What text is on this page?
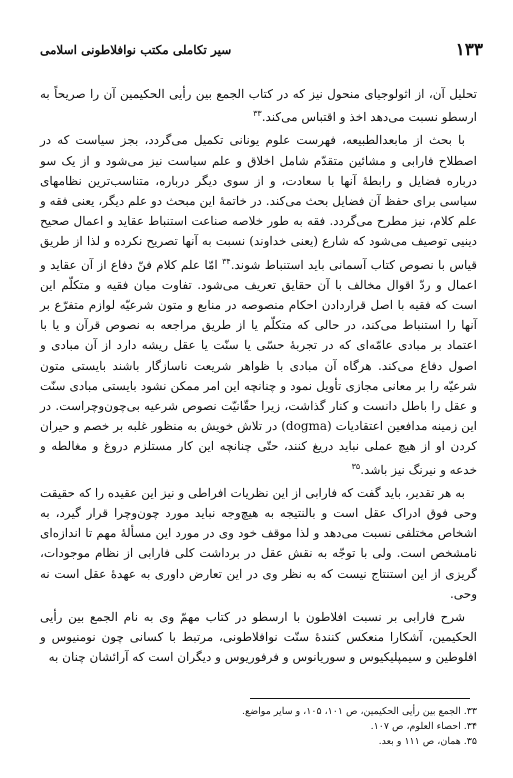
۱۳۳
سیر تکاملی مکتب نوافلاطونی اسلامی

تحلیل آن، از اثولوجیای منحول نیز که در کتاب الجمع بین رأیی الحکیمین آن را صریحاً به ارسطو نسبت می‌دهد اخذ و اقتباس می‌کند.$^{۳۳}$

با بحث از مابعدالطبیعه، فهرست علوم یونانی تکمیل می‌گردد، بجز سیاست که در اصطلاح فارابی و مشائین متقدّم شامل اخلاق و علم سیاست نیز می‌شود و از یک سو درباره فضایل و رابطهٔ آنها با سعادت، و از سوی دیگر درباره، متناسب‌ترین نظامهای سیاسی برای حفظ آن فضایل بحث می‌کند. در خاتمهٔ این مبحث دو علم دیگر، یعنی فقه و علم کلام، نیز مطرح می‌گردد. فقه به طور خلاصه صناعت استنباط عقاید و اعمال صحیح دینیی توصیف می‌شود که شارع (یعنی خداوند) نسبت به آنها تصریح نکرده و لذا از طریق قیاس با نصوص کتاب آسمانی باید استنباط شوند.$^{۳۴}$ امّا علم کلام فنّ دفاع از آن عقاید و اعمال و ردّ اقوال مخالف با آن حقایق تعریف می‌شود. تفاوت میان فقیه و متکلّم این است که فقیه با اصل قراردادن احکام منصوصه در منابع و متون شرعیّه لوازم متفرّع بر آنها را استنباط می‌کند، در حالی که متکلّم یا از طریق مراجعه به نصوص قرآن و یا با اعتماد بر مبادی عامّه‌ای که در تجربهٔ حسّی یا سنّت یا عقل ریشه دارد از آن مبادی و اصول دفاع می‌کند. هرگاه آن مبادی با ظواهر شریعت ناسازگار باشند بایستی متون شرعیّه را بر معانی مجازی تأویل نمود و چنانچه این امر ممکن نشود بایستی مبادی سنّت و عقل را باطل دانست و کنار گذاشت، زیرا حقّانیّت نصوص شرعیه بی‌چون‌وچراست. در این زمینه مدافعین اعتقادیات (dogma) در تلاش خویش به منظور غلبه بر خصم و حیران کردن او از هیچ عملی نباید دریغ کنند، حتّی چنانچه این کار مستلزم دروغ و مغالطه و خدعه و نیرنگ نیز باشد.$^{۳۵}$

به هر تقدیر، باید گفت که فارابی از این نظریات افراطی و نیز این عقیده را که حقیقت وحی فوق ادراک عقل است و بالنتیجه به هیچ‌وجه نباید مورد چون‌وچرا قرار گیرد، به اشخاص مختلفی نسبت می‌دهد و لذا موقف خود وی در مورد این مسألهٔ مهم تا اندازه‌ای نامشخص است. ولی با توجّه به نقش عقل در برداشت کلی فارابی از نظام موجودات، گریزی از این استنتاج نیست که به نظر وی در این تعارض داوری به عهدهٔ عقل است نه وحی.

شرح فارابی بر نسبت افلاطون با ارسطو در کتاب مهمّ وی به نام الجمع بین رأیی الحکیمین، آشکارا منعکس کنندهٔ سنّت نوافلاطونی، مرتبط با کسانی چون نومنیوس و افلوطین و سیمپلیکیوس و سوریانوس و فرفوریوس و دیگران است که آرائشان چنان به

۳۳. الجمع بین رأیی الحکیمین، ص ۱۰۱، ۱۰۵، و سایر مواضع.
۳۴. احصاء العلوم، ص ۱۰۷.
۳۵. همان، ص ۱۱۱ و بعد.
